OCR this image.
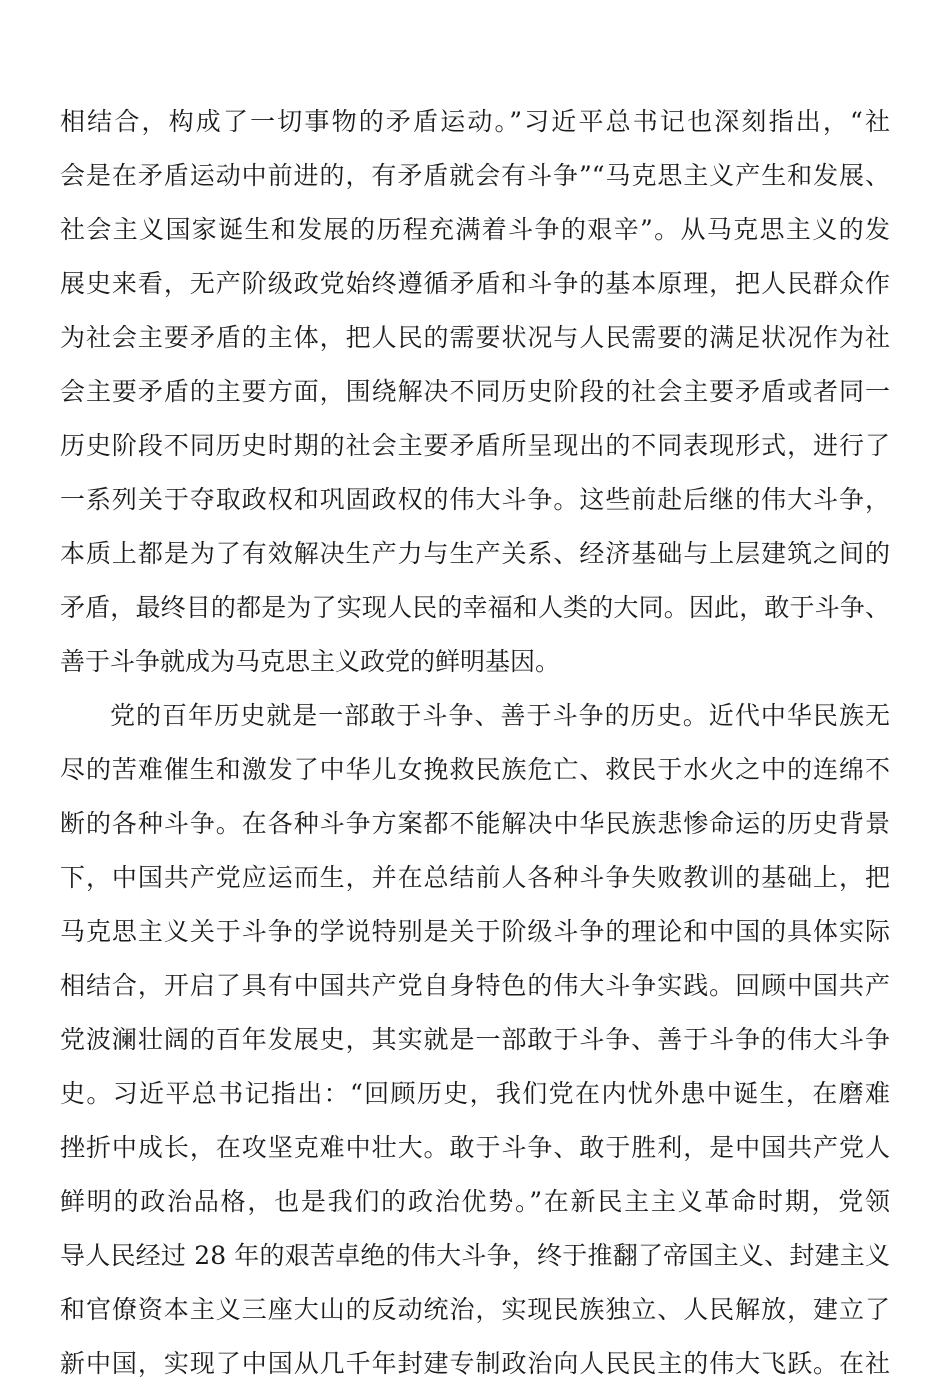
相结合，构成了一切事物的矛盾运动。”习近平总书记也深刻指出，“社
会是在矛盾运动中前进的，有矛盾就会有斗争”“马克思主义产生和发展、
社会主义国家诞生和发展的历程充满着斗争的艰辛”。从马克思主义的发
展史来看，无产阶级政党始终遵循矛盾和斗争的基本原理，把人民群众作
为社会主要矛盾的主体，把人民的需要状况与人民需要的满足状况作为社
会主要矛盾的主要方面，围绕解决不同历史阶段的社会主要矛盾或者同一
历史阶段不同历史时期的社会主要矛盾所呈现出的不同表现形式，进行了
一系列关于夺取政权和巩固政权的伟大斗争。这些前赴后继的伟大斗争，
本质上都是为了有效解决生产力与生产关系、经济基础与上层建筑之间的
矛盾，最终目的都是为了实现人民的幸福和人类的大同。因此，敢于斗争、
善于斗争就成为马克思主义政党的鲜明基因。
党的百年历史就是一部敢于斗争、善于斗争的历史。近代中华民族无
尽的苦难催生和激发了中华儿女挽救民族危亡、救民于水火之中的连绵不
断的各种斗争。在各种斗争方案都不能解决中华民族悲惨命运的历史背景
下，中国共产党应运而生，并在总结前人各种斗争失败教训的基础上，把
马克思主义关于斗争的学说特别是关于阶级斗争的理论和中国的具体实际
相结合，开启了具有中国共产党自身特色的伟大斗争实践。回顾中国共产
党波澜壮阔的百年发展史，其实就是一部敢于斗争、善于斗争的伟大斗争
史。习近平总书记指出：“回顾历史，我们党在内忧外患中诞生，在磨难
挫折中成长，在攻坚克难中壮大。敢于斗争、敢于胜利，是中国共产党人
鲜明的政治品格，也是我们的政治优势。”在新民主主义革命时期，党领
导人民经过 28 年的艰苦卓绝的伟大斗争，终于推翻了帝国主义、封建主义
和官僚资本主义三座大山的反动统治，实现民族独立、人民解放，建立了
新中国，实现了中国从几千年封建专制政治向人民民主的伟大飞跃。在社
